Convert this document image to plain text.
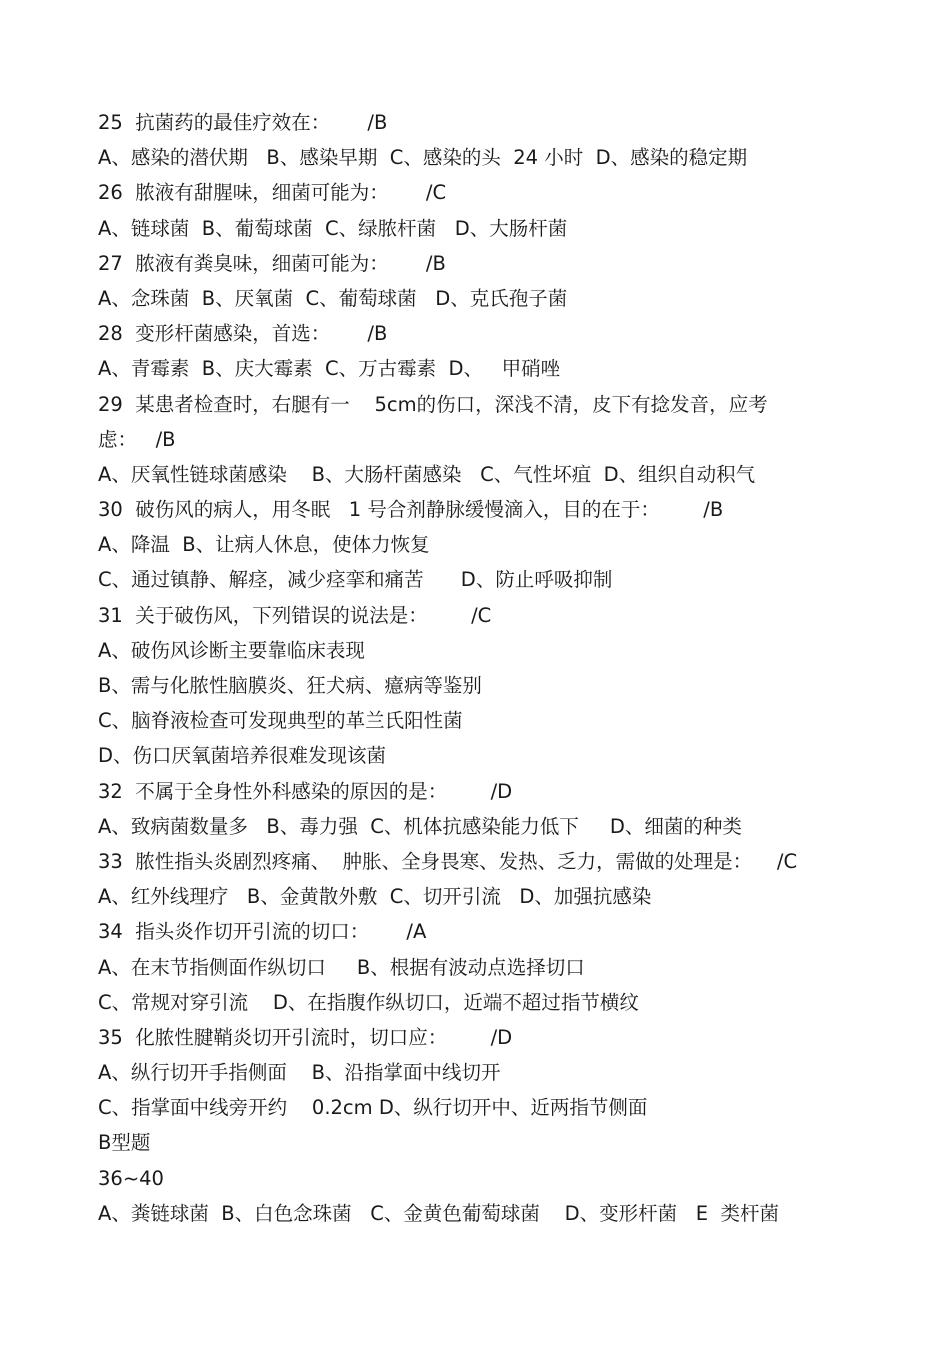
25  抗菌药的最佳疗效在：      /B
A、感染的潜伏期   B、感染早期  C、感染的头  24 小时  D、感染的稳定期
26  脓液有甜腥味，细菌可能为：      /C
A、链球菌  B、葡萄球菌  C、绿脓杆菌   D、大肠杆菌
27  脓液有粪臭味，细菌可能为：      /B
A、念珠菌  B、厌氧菌  C、葡萄球菌   D、克氏孢子菌
28  变形杆菌感染，首选：      /B
A、青霉素  B、庆大霉素  C、万古霉素  D、   甲硝唑
29  某患者检查时，右腿有一    5cm的伤口，深浅不清，皮下有捻发音，应考
虑：   /B
A、厌氧性链球菌感染    B、大肠杆菌感染   C、气性坏疽  D、组织自动积气
30  破伤风的病人，用冬眠   1 号合剂静脉缓慢滴入，目的在于：       /B
A、降温  B、让病人休息，使体力恢复
C、通过镇静、解痉，减少痉挛和痛苦      D、防止呼吸抑制
31  关于破伤风，下列错误的说法是：       /C
A、破伤风诊断主要靠临床表现
B、需与化脓性脑膜炎、狂犬病、癔病等鉴别
C、脑脊液检查可发现典型的革兰氏阳性菌
D、伤口厌氧菌培养很难发现该菌
32  不属于全身性外科感染的原因的是：       /D
A、致病菌数量多   B、毒力强  C、机体抗感染能力低下     D、细菌的种类
33  脓性指头炎剧烈疼痛、  肿胀、全身畏寒、发热、乏力，需做的处理是：    /C
A、红外线理疗   B、金黄散外敷  C、切开引流   D、加强抗感染
34  指头炎作切开引流的切口：      /A
A、在末节指侧面作纵切口     B、根据有波动点选择切口
C、常规对穿引流    D、在指腹作纵切口，近端不超过指节横纹
35  化脓性腱鞘炎切开引流时，切口应：       /D
A、纵行切开手指侧面    B、沿指掌面中线切开
C、指掌面中线旁开约    0.2cm D、纵行切开中、近两指节侧面
B型题
36~40
A、粪链球菌  B、白色念珠菌   C、金黄色葡萄球菌    D、变形杆菌   E  类杆菌
